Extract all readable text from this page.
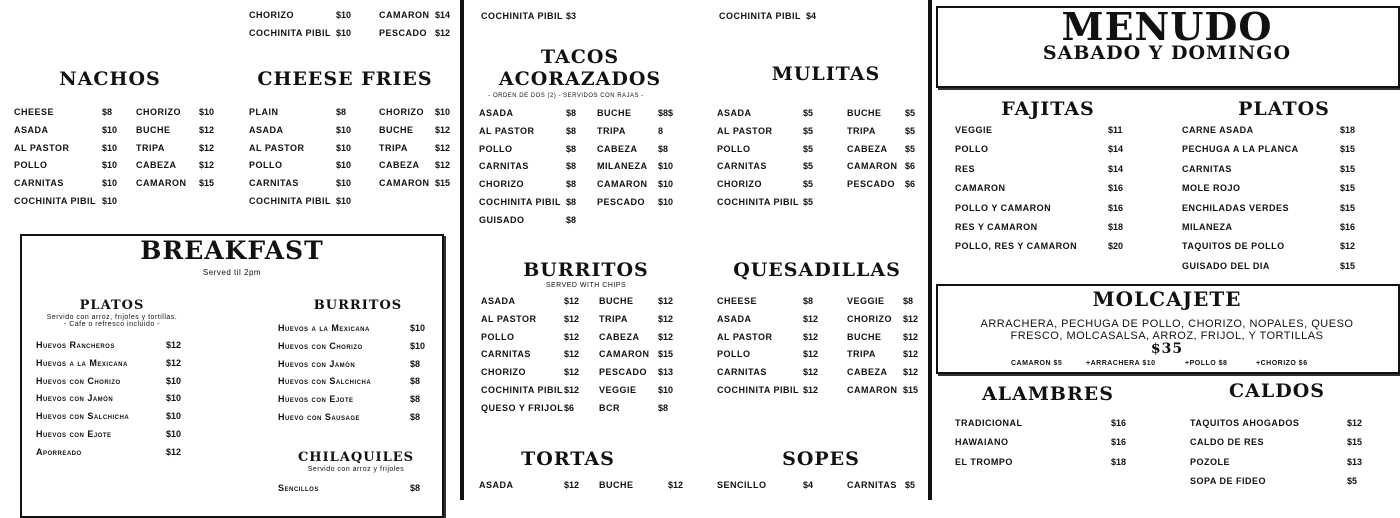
CHORIZO	$10
COCHINITA PIBIL $10
CAMARON $14
PESCADO $12
NACHOS
CHEESE	$8
ASADA	$10
AL PASTOR	$10
POLLO	$10
CARNITAS	$10
COCHINITA PIBIL $10
CHORIZO $10
BUCHE	$12
TRIPA	$12
CABEZA	$12
CAMARON $15
CHEESE FRIES
PLAIN	$8
ASADA	$10
AL PASTOR	$10
POLLO	$10
CARNITAS	$10
COCHINITA PIBIL $10
CHORIZO $10
BUCHE $12
TRIPA	$12
CABEZA $12
CAMARON $15
BREAKFAST
Served til 2pm
PLATOS
Servido con arroz, frijoles y tortillas.
- Cafe o refresco incluido -
Huevos Rancheros	$12
Huevos a la Mexicana	$12
Huevos con Chorizo	$10
Huevos con Jamón	$10
Huevos con Salchicha	$10
Huevos con Ejote	$10
Aporreado	$12
BURRITOS
Huevos a la Mexicana	$10
Huevos con Chorizo	$10
Huevos con Jamón	$8
Huevos con Salchicha	$8
Huevos con Ejote	$8
Huevo con Sausage	$8
CHILAQUILES
Servido con arroz y frijoles
Sencillos	$8
COCHINITA PIBIL $3	COCHINITA PIBIL $4
TACOS
ACORAZADOS
- ORDEN DE DOS (2) - SERVIDOS CON RAJAS -
ASADA	$8
AL PASTOR	$8
POLLO	$8
CARNITAS	$8
CHORIZO	$8
COCHINITA PIBIL $8
GUISADO	$8
BUCHE	$8$
TRIPA	8
CABEZA $8
MILANEZA $10
CAMARON $10
PESCADO $10
MULITAS
ASADA	$5
AL PASTOR	$5
POLLO	$5
CARNITAS	$5
CHORIZO	$5
COCHINITA PIBIL $5
BUCHE	$5
TRIPA	$5
CABEZA $5
CAMARON $6
PESCADO $6
BURRITOS
SERVED WITH CHIPS
ASADA	$12
AL PASTOR	$12
POLLO	$12
CARNITAS	$12
CHORIZO	$12
COCHINITA PIBIL $12
QUESO Y FRIJOL $6
BUCHE	$12
TRIPA	$12
CABEZA $12
CAMARON $15
PESCADO $13
VEGGIE $10
BCR	$8
QUESADILLAS
CHEESE	$8
ASADA	$12
AL PASTOR	$12
POLLO	$12
CARNITAS	$12
COCHINITA PIBIL $12
VEGGIE $8
CHORIZO $12
BUCHE $12
TRIPA	$12
CABEZA $12
CAMARON $15
TORTAS
ASADA	$12 BUCHE	$12
SOPES
SENCILLO	$4	CARNITAS $5
MENUDO
SABADO Y DOMINGO
FAJITAS
VEGGIE	$11
POLLO	$14
RES	$14
CAMARON	$16
POLLO Y CAMARON	$16
RES Y CAMARON	$18
POLLO, RES Y CAMARON	$20
PLATOS
CARNE ASADA	$18
PECHUGA A LA PLANCA	$15
CARNITAS	$15
MOLE ROJO	$15
ENCHILADAS VERDES	$15
MILANEZA	$16
TAQUITOS DE POLLO	$12
GUISADO DEL DIA	$15
MOLCAJETE
ARRACHERA, PECHUGA DE POLLO, CHORIZO, NOPALES, QUESO
FRESCO, MOLCASALSA, ARROZ, FRIJOL, Y TORTILLAS
$35
CAMARON $5	+ARRACHERA $10	+POLLO $8	+CHORIZO $6
ALAMBRES
TRADICIONAL	$16
HAWAIANO	$16
EL TROMPO	$18
CALDOS
TAQUITOS AHOGADOS	$12
CALDO DE RES	$15
POZOLE	$13
SOPA DE FIDEO	$5
